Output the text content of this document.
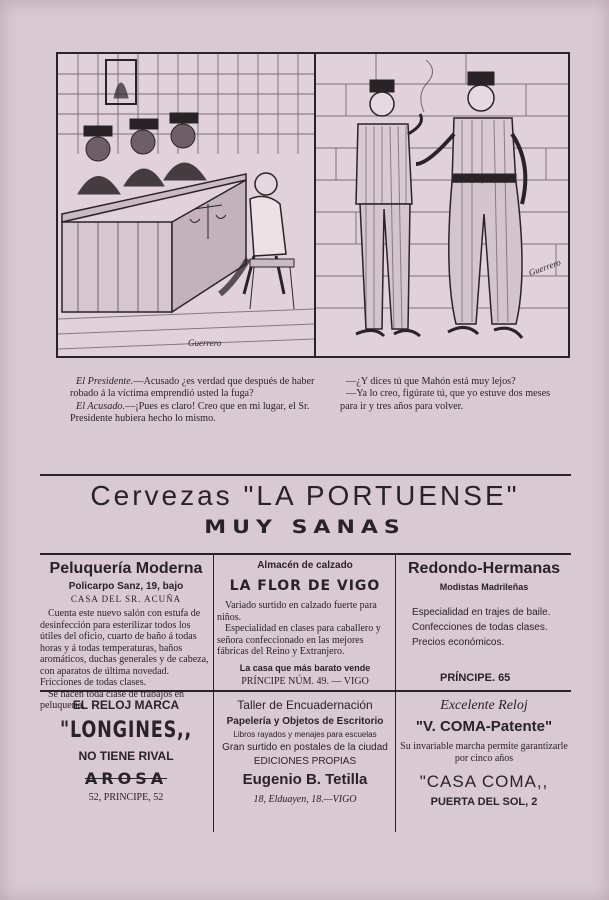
Guerrero
Guerrero

El Presidente.—Acusado ¿es verdad que después de haber robado á la víctima emprendió usted la fuga?

El Acusado.—¡Pues es claro! Creo que en mi lugar, el Sr. Presidente hubiera hecho lo mismo.

—¿Y dices tú que Mahón está muy lejos?

—Ya lo creo, figúrate tú, que yo estuve dos meses para ir y tres años para volver.

Cervezas "LA PORTUENSE"
MUY SANAS
Peluquería Moderna
Policarpo Sanz, 19, bajo
CASA DEL SR. ACUÑA
Cuenta este nuevo salón con estufa de desinfección para esterilizar todos los útiles del oficio, cuarto de baño á todas horas y á todas temperaturas, baños aromáticos, duchas generales y de cabeza, con aparatos de última novedad. Fricciones de todas clases.
Se hacen toda clase de trabajos en peluquería.
Almacén de calzado
LA FLOR DE VIGO
Variado surtido en calzado fuerte para niños.
Especialidad en clases para caballero y señora confeccionado en las mejores fábricas del Reino y Extranjero.
La casa que más barato vende
PRÍNCIPE NÚM. 49. — VIGO
Redondo-Hermanas
Modistas Madrileñas
Especialidad en trajes de baile.
Confecciones de todas clases.
Precios económicos.
PRÍNCIPE. 65
EL RELOJ MARCA
"LONGINES,,
NO TIENE RIVAL
AROSA
52, PRINCIPE, 52
Taller de Encuadernación
Papelería y Objetos de Escritorio
Libros rayados y menajes para escuelas
Gran surtido en postales de la ciudad
EDICIONES PROPIAS
Eugenio B. Tetilla
18, Elduayen, 18.—VIGO
Excelente Reloj
"V. COMA-Patente"
Su invariable marcha permite garantizarle por cinco años
"CASA COMA,,
PUERTA DEL SOL, 2
